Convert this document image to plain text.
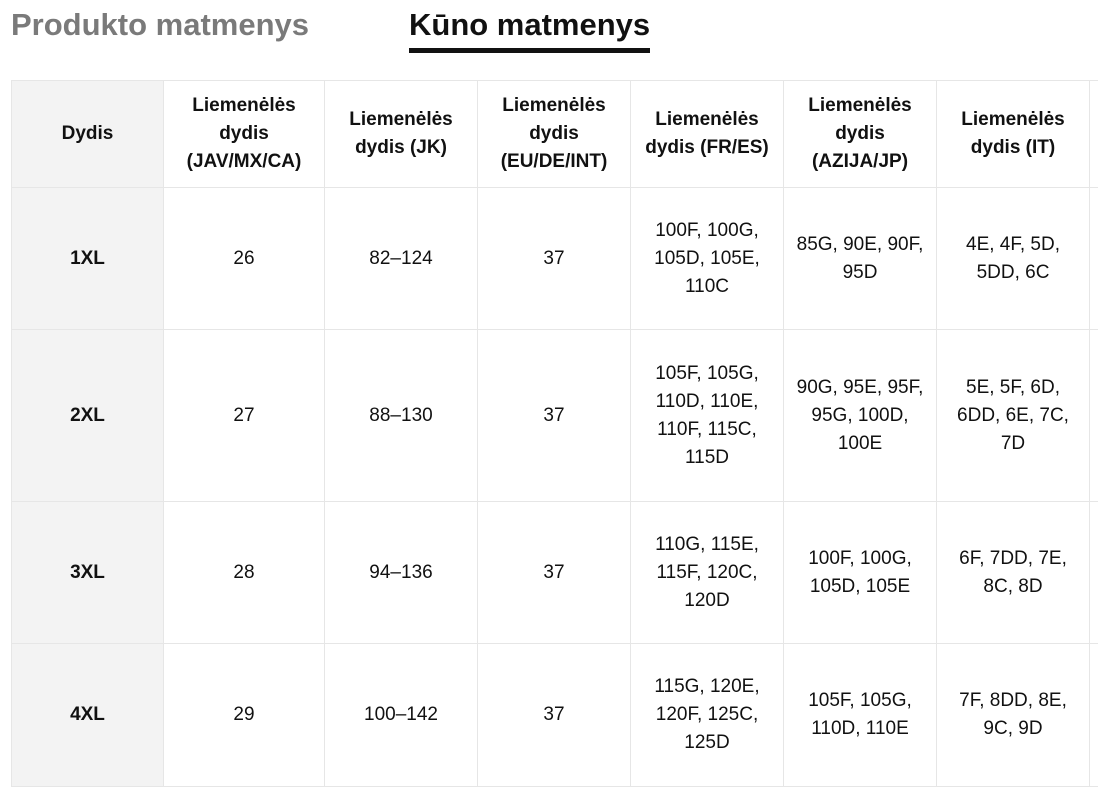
Produkto matmenys	Kūno matmenys
Dydis	Liemenėlės dydis (JAV/MX/CA)	Liemenėlės dydis (JK)	Liemenėlės dydis (EU/DE/INT)	Liemenėlės dydis (FR/ES)	Liemenėlės dydis (AZIJA/JP)	Liemenėlės dydis (IT)	
1XL	26	82–124	37	100F, 100G, 105D, 105E, 110C	85G, 90E, 90F, 95D	4E, 4F, 5D, 5DD, 6C	
2XL	27	88–130	37	105F, 105G, 110D, 110E, 110F, 115C, 115D	90G, 95E, 95F, 95G, 100D, 100E	5E, 5F, 6D, 6DD, 6E, 7C, 7D	
3XL	28	94–136	37	110G, 115E, 115F, 120C, 120D	100F, 100G, 105D, 105E	6F, 7DD, 7E, 8C, 8D	
4XL	29	100–142	37	115G, 120E, 120F, 125C, 125D	105F, 105G, 110D, 110E	7F, 8DD, 8E, 9C, 9D	
